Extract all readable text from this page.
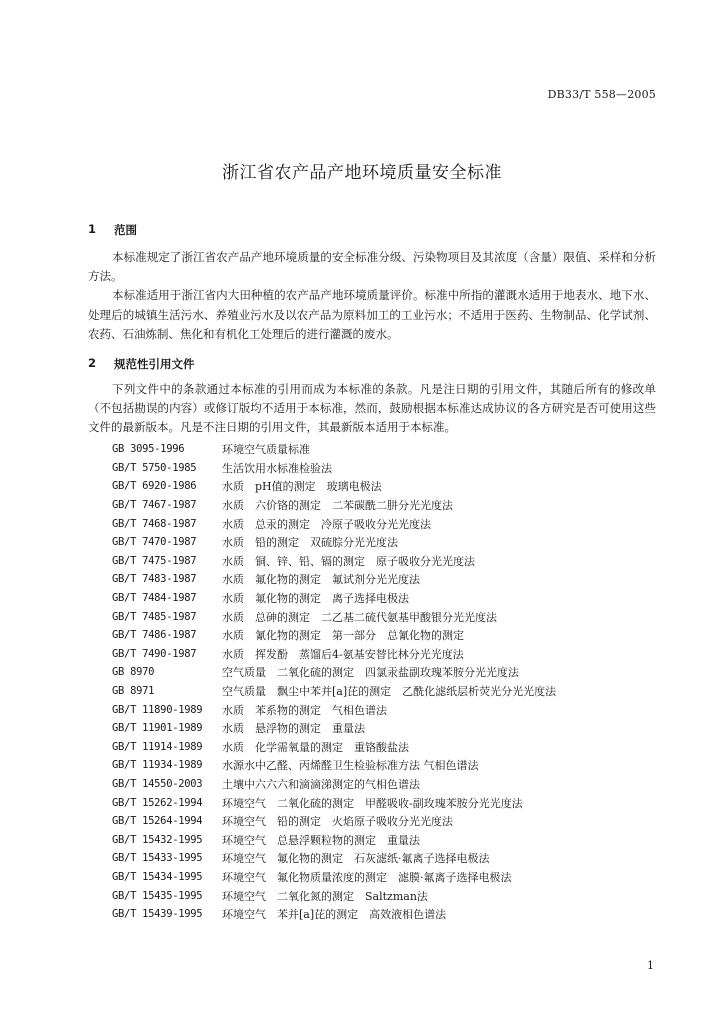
DB33/T 558—2005
浙江省农产品产地环境质量安全标准
1 范围

本标准规定了浙江省农产品产地环境质量的安全标准分级、污染物项目及其浓度（含量）限值、采样和分析方法。

本标准适用于浙江省内大田种植的农产品产地环境质量评价。标准中所指的灌溉水适用于地表水、地下水、处理后的城镇生活污水、养殖业污水及以农产品为原料加工的工业污水；不适用于医药、生物制品、化学试剂、农药、石油炼制、焦化和有机化工处理后的进行灌溉的废水。

2 规范性引用文件

下列文件中的条款通过本标准的引用而成为本标准的条款。凡是注日期的引用文件，其随后所有的修改单（不包括勘误的内容）或修订版均不适用于本标准，然而，鼓励根据本标准达成协议的各方研究是否可使用这些文件的最新版本。凡是不注日期的引用文件，其最新版本适用于本标准。

GB 3095-1996	环境空气质量标准
GB/T 5750-1985	生活饮用水标准检验法
GB/T 6920-1986	水质　pH值的测定　玻璃电极法
GB/T 7467-1987	水质　六价铬的测定　二苯碳酰二肼分光光度法
GB/T 7468-1987	水质　总汞的测定　冷原子吸收分光光度法
GB/T 7470-1987	水质　铅的测定　双硫腙分光光度法
GB/T 7475-1987	水质　铜、锌、铅、镉的测定　原子吸收分光光度法
GB/T 7483-1987	水质　氟化物的测定　氟试剂分光光度法
GB/T 7484-1987	水质　氟化物的测定　离子选择电极法
GB/T 7485-1987	水质　总砷的测定　二乙基二硫代氨基甲酸银分光光度法
GB/T 7486-1987	水质　氰化物的测定　第一部分　总氰化物的测定
GB/T 7490-1987	水质　挥发酚　蒸馏后4-氨基安替比林分光光度法
GB 8970	空气质量　二氧化硫的测定　四氯汞盐副玫瑰苯胺分光光度法
GB 8971	空气质量　飘尘中苯并[a]芘的测定　乙酰化滤纸层析荧光分光光度法
GB/T 11890-1989	水质　苯系物的测定　气相色谱法
GB/T 11901-1989	水质　悬浮物的测定　重量法
GB/T 11914-1989	水质　化学需氧量的测定　重铬酸盐法
GB/T 11934-1989	水源水中乙醛、丙烯醛卫生检验标准方法 气相色谱法
GB/T 14550-2003	土壤中六六六和滴滴涕测定的气相色谱法
GB/T 15262-1994	环境空气　二氧化硫的测定　甲醛吸收-副玫瑰苯胺分光光度法
GB/T 15264-1994	环境空气　铅的测定　火焰原子吸收分光光度法
GB/T 15432-1995	环境空气　总悬浮颗粒物的测定　重量法
GB/T 15433-1995	环境空气　氟化物的测定　石灰滤纸·氟离子选择电极法
GB/T 15434-1995	环境空气　氟化物质量浓度的测定　滤膜·氟离子选择电极法
GB/T 15435-1995	环境空气　二氧化氮的测定　Saltzman法
GB/T 15439-1995	环境空气　苯并[a]芘的测定　高效液相色谱法
1
